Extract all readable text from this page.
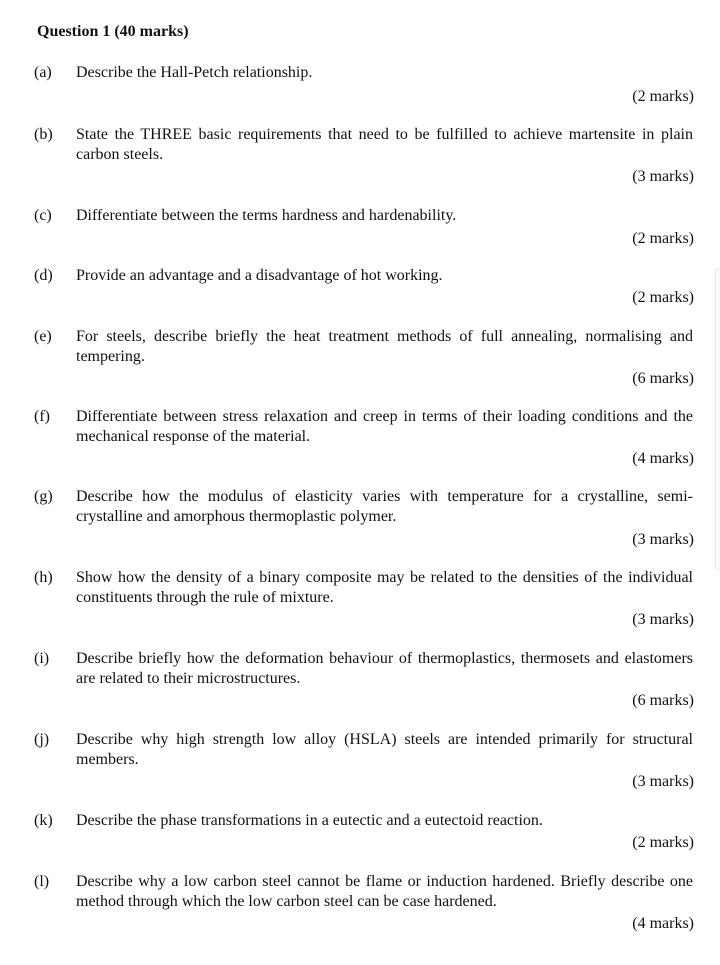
Question 1 (40 marks)
(a) Describe the Hall-Petch relationship.
(2 marks)
(b) State the THREE basic requirements that need to be fulfilled to achieve martensite in plain carbon steels.
(3 marks)
(c) Differentiate between the terms hardness and hardenability.
(2 marks)
(d) Provide an advantage and a disadvantage of hot working.
(2 marks)
(e) For steels, describe briefly the heat treatment methods of full annealing, normalising and tempering.
(6 marks)
(f) Differentiate between stress relaxation and creep in terms of their loading conditions and the mechanical response of the material.
(4 marks)
(g) Describe how the modulus of elasticity varies with temperature for a crystalline, semi-crystalline and amorphous thermoplastic polymer.
(3 marks)
(h) Show how the density of a binary composite may be related to the densities of the individual constituents through the rule of mixture.
(3 marks)
(i) Describe briefly how the deformation behaviour of thermoplastics, thermosets and elastomers are related to their microstructures.
(6 marks)
(j) Describe why high strength low alloy (HSLA) steels are intended primarily for structural members.
(3 marks)
(k) Describe the phase transformations in a eutectic and a eutectoid reaction.
(2 marks)
(l) Describe why a low carbon steel cannot be flame or induction hardened. Briefly describe one method through which the low carbon steel can be case hardened.
(4 marks)
